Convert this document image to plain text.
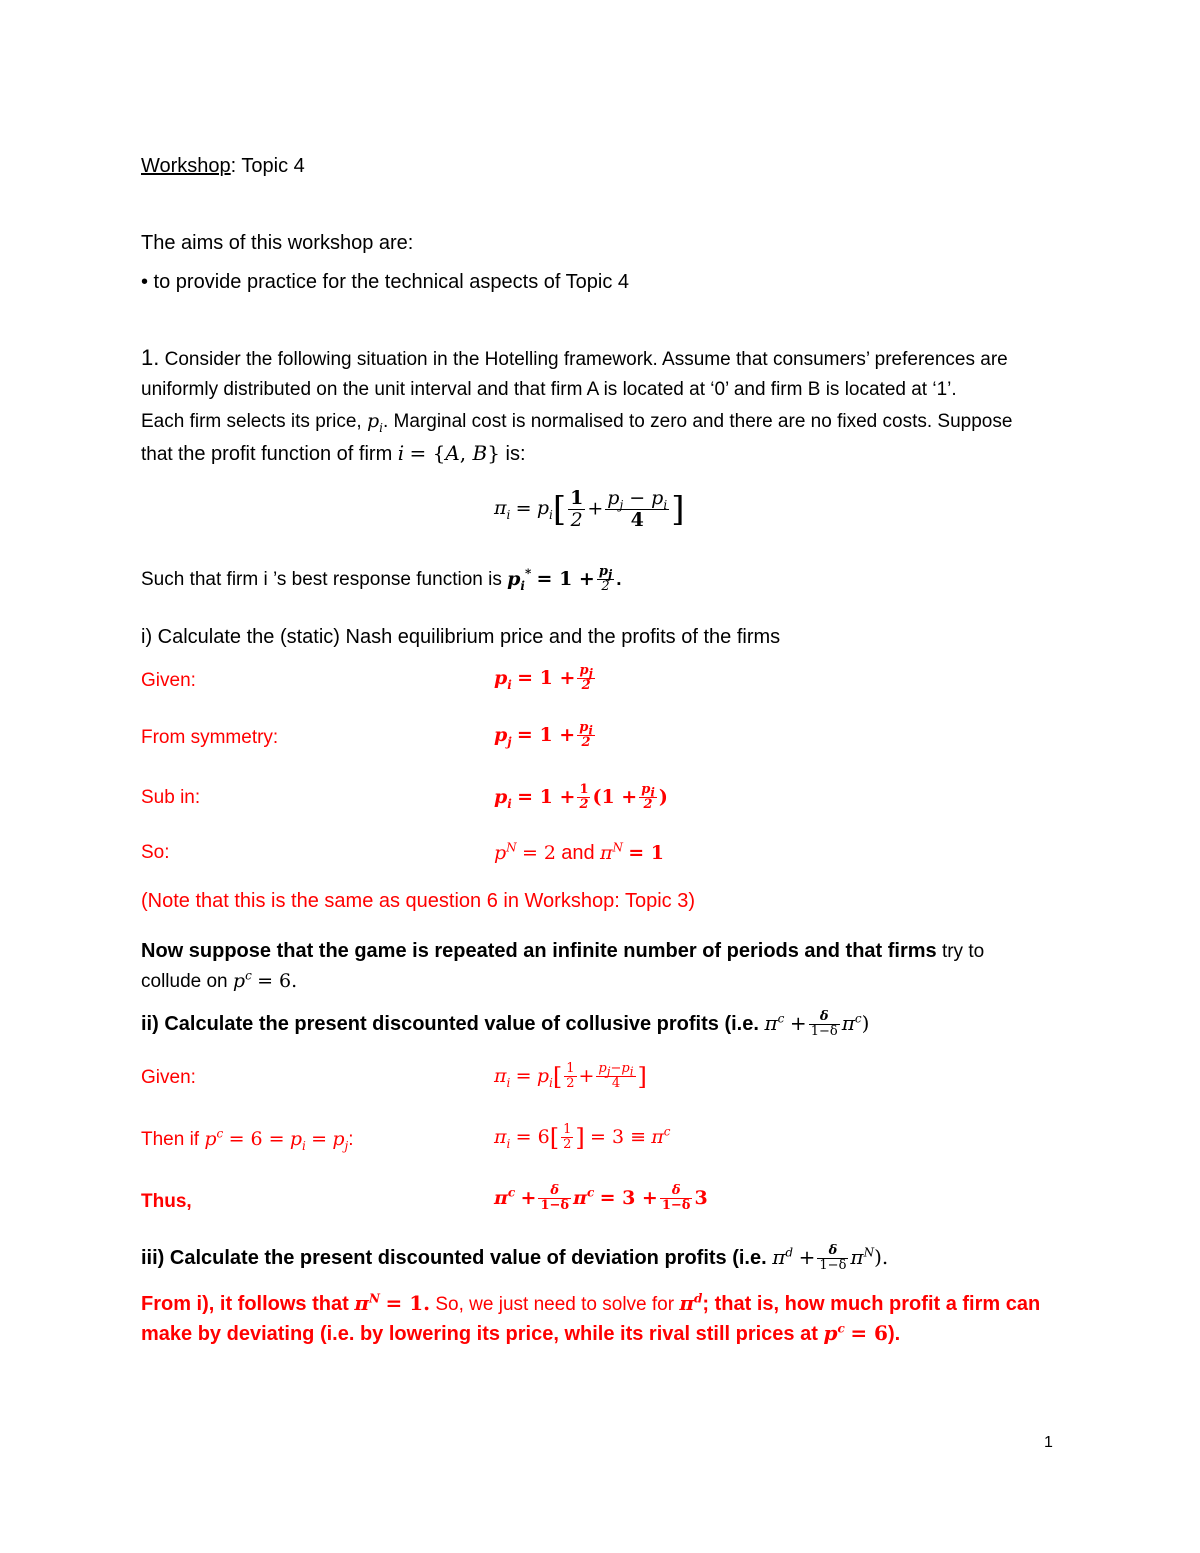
Workshop: Topic 4
The aims of this workshop are:
• to provide practice for the technical aspects of Topic 4
1. Consider the following situation in the Hotelling framework. Assume that consumers’ preferences are
uniformly distributed on the unit interval and that firm A is located at ‘0’ and firm B is located at ‘1’.
Each firm selects its price, $p_i$. Marginal cost is normalised to zero and there are no fixed costs. Suppose
that the profit function of firm i = {A, B} is:
$\pi_i = p_i[ \frac{1}{2} + \frac{p_j - p_i}{4}$ ]
Such that firm i ’s best response function is $p_i^* = 1 + \frac{p_j}{2}$ .
i) Calculate the (static) Nash equilibrium price and the profits of the firms
Given:	$p_i = 1 + \frac{p_j}{2}$
From symmetry:	$p_j = 1 + \frac{p_i}{2}$
Sub in:	$p_i = 1 + \frac{1}{2} (1 + \frac{p_i}{2}$ )
So:	$p^N = 2$ and $\pi^N = 1$
(Note that this is the same as question 6 in Workshop: Topic 3)
Now suppose that the game is repeated an infinite number of periods and that firms try to
collude on $p^c = 6$.
ii) Calculate the present discounted value of collusive profits (i.e. $\pi^c + \frac{\delta}{1-\delta} \pi^c$)
Given:	$\pi_i = p_i[ \frac{1}{2} + \frac{p_j-p_i}{4}$ ]
Then if $p^c = 6 = p_i = p_j$:	$\pi_i = 6[ \frac{1}{2}$ ] = $3 \equiv \pi^c$
Thus,	$\pi^c + \frac{\delta}{1-\delta} \pi^c = 3 + \frac{\delta}{1-\delta} 3$
iii) Calculate the present discounted value of deviation profits (i.e. $\pi^d + \frac{\delta}{1-\delta} \pi^N$).
From i), it follows that $\pi^N = 1$. So, we just need to solve for $\pi^d$; that is, how much profit a firm can
make by deviating (i.e. by lowering its price, while its rival still prices at $p^c = 6$).
1
